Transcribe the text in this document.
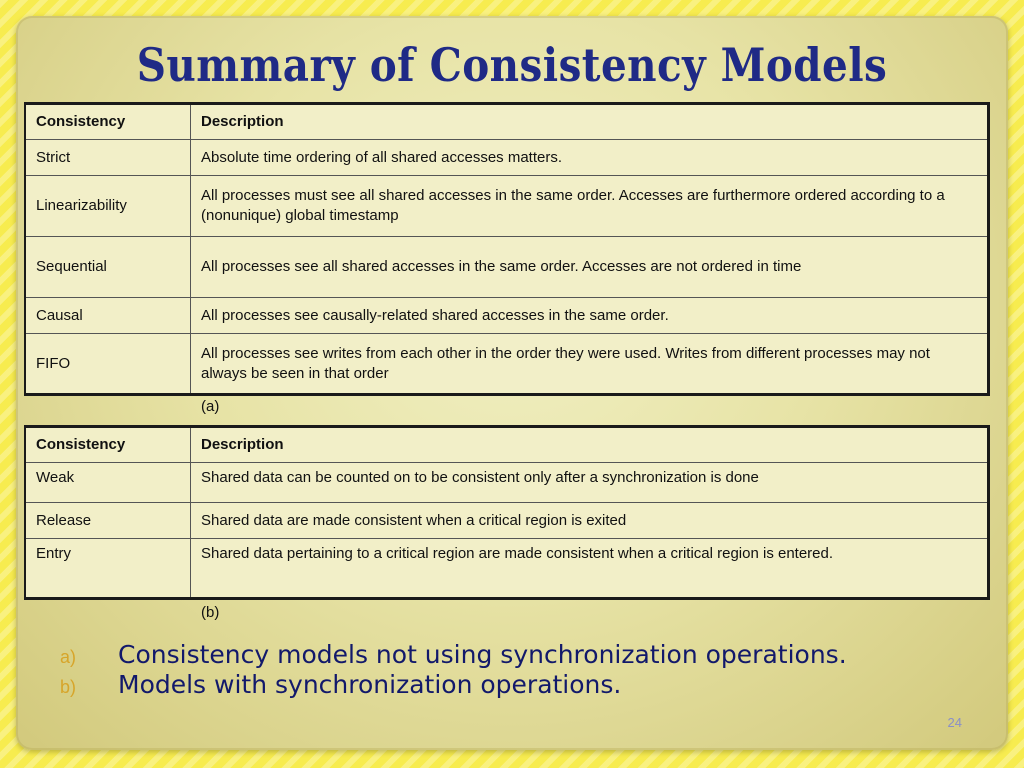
Summary of Consistency Models
Consistency	Description
Strict	Absolute time ordering of all shared accesses matters.
Linearizability	All processes must see all shared accesses in the same order. Accesses are furthermore ordered according to a (nonunique) global timestamp
Sequential	All processes see all shared accesses in the same order. Accesses are not ordered in time
Causal	All processes see causally-related shared accesses in the same order.
FIFO	All processes see writes from each other in the order they were used. Writes from different processes may not always be seen in that order
(a)
Consistency	Description
Weak	Shared data can be counted on to be consistent only after a synchronization is done
Release	Shared data are made consistent when a critical region is exited
Entry	Shared data pertaining to a critical region are made consistent when a critical region is entered.
(b)
a)	Consistency models not using synchronization operations.
b)	Models with synchronization operations.
24
